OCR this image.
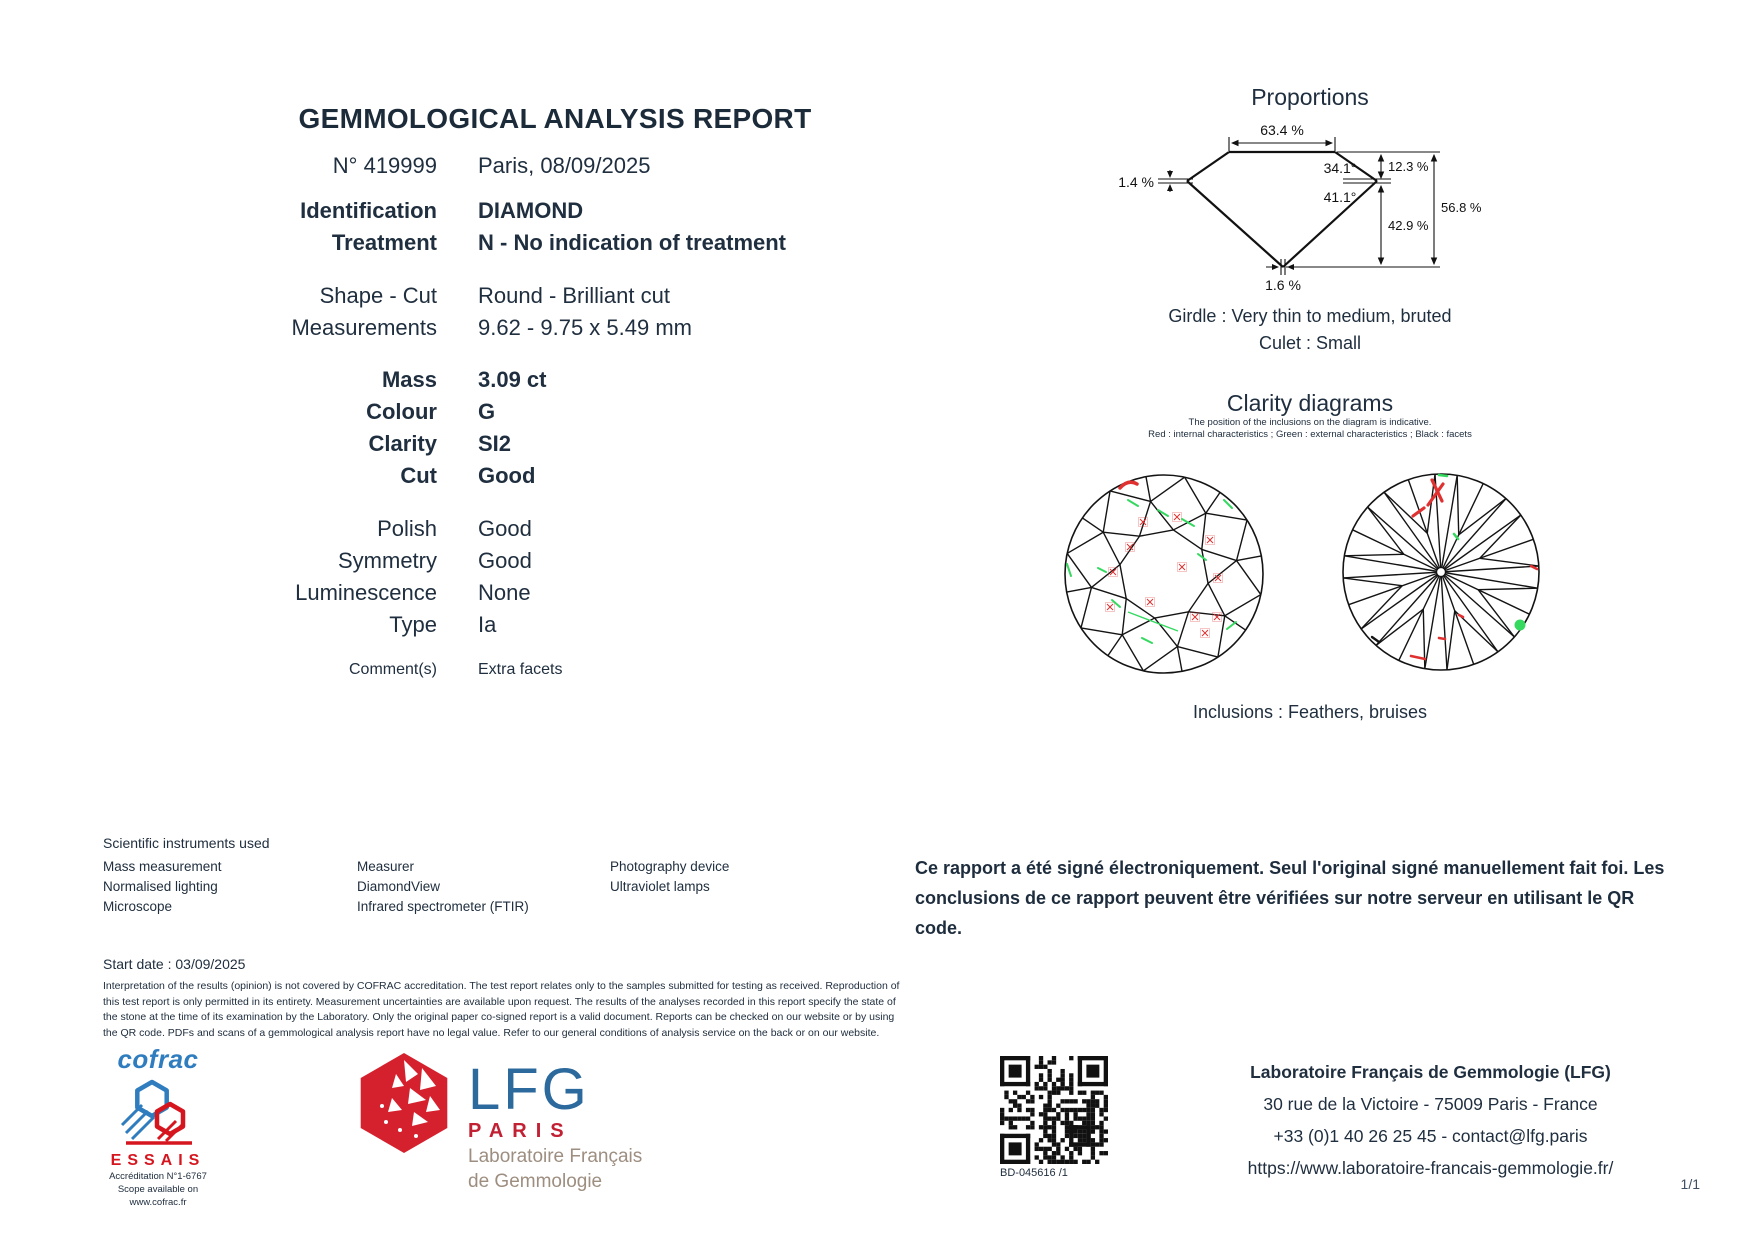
GEMMOLOGICAL ANALYSIS REPORT
N° 419999 Paris, 08/09/2025
Identification DIAMOND
Treatment N - No indication of treatment
Shape - Cut Round - Brilliant cut
Measurements 9.62 - 9.75 x 5.49 mm
Mass 3.09 ct
Colour G
Clarity SI2
Cut Good
Polish Good
Symmetry Good
Luminescence None
Type Ia
Comment(s)	Extra facets
Proportions
63.4 %
1.4 %
34.1°
41.1°
12.3 %
42.9 %
56.8 %
1.6 %
Girdle : Very thin to medium, bruted
Culet : Small
Clarity diagrams
The position of the inclusions on the diagram is indicative.
Red : internal characteristics ; Green : external characteristics ; Black : facets
Inclusions : Feathers, bruises
Scientific instruments used
Mass measurement
Normalised lighting
Microscope
Measurer
DiamondView
Infrared spectrometer (FTIR)
Photography device
Ultraviolet lamps
Ce rapport a été signé électroniquement. Seul l'original signé manuellement fait foi. Les conclusions de ce rapport peuvent être vérifiées sur notre serveur en utilisant le QR code.
Start date : 03/09/2025
Interpretation of the results (opinion) is not covered by COFRAC accreditation. The test report relates only to the samples submitted for testing as received. Reproduction of this test report is only permitted in its entirety. Measurement uncertainties are available upon request. The results of the analyses recorded in this report specify the state of the stone at the time of its examination by the Laboratory. Only the original paper co-signed report is a valid document. Reports can be checked on our website or by using the QR code. PDFs and scans of a gemmological analysis report have no legal value. Refer to our general conditions of analysis service on the back or on our website.
cofrac
ESSAIS
Accréditation N°1-6767
Scope available on
www.cofrac.fr
LFG
PARIS
Laboratoire Français
de Gemmologie	BD-045616 /1
Laboratoire Français de Gemmologie (LFG)
30 rue de la Victoire - 75009 Paris - France
+33 (0)1 40 26 25 45 - contact@lfg.paris
https://www.laboratoire-francais-gemmologie.fr/
1/1
